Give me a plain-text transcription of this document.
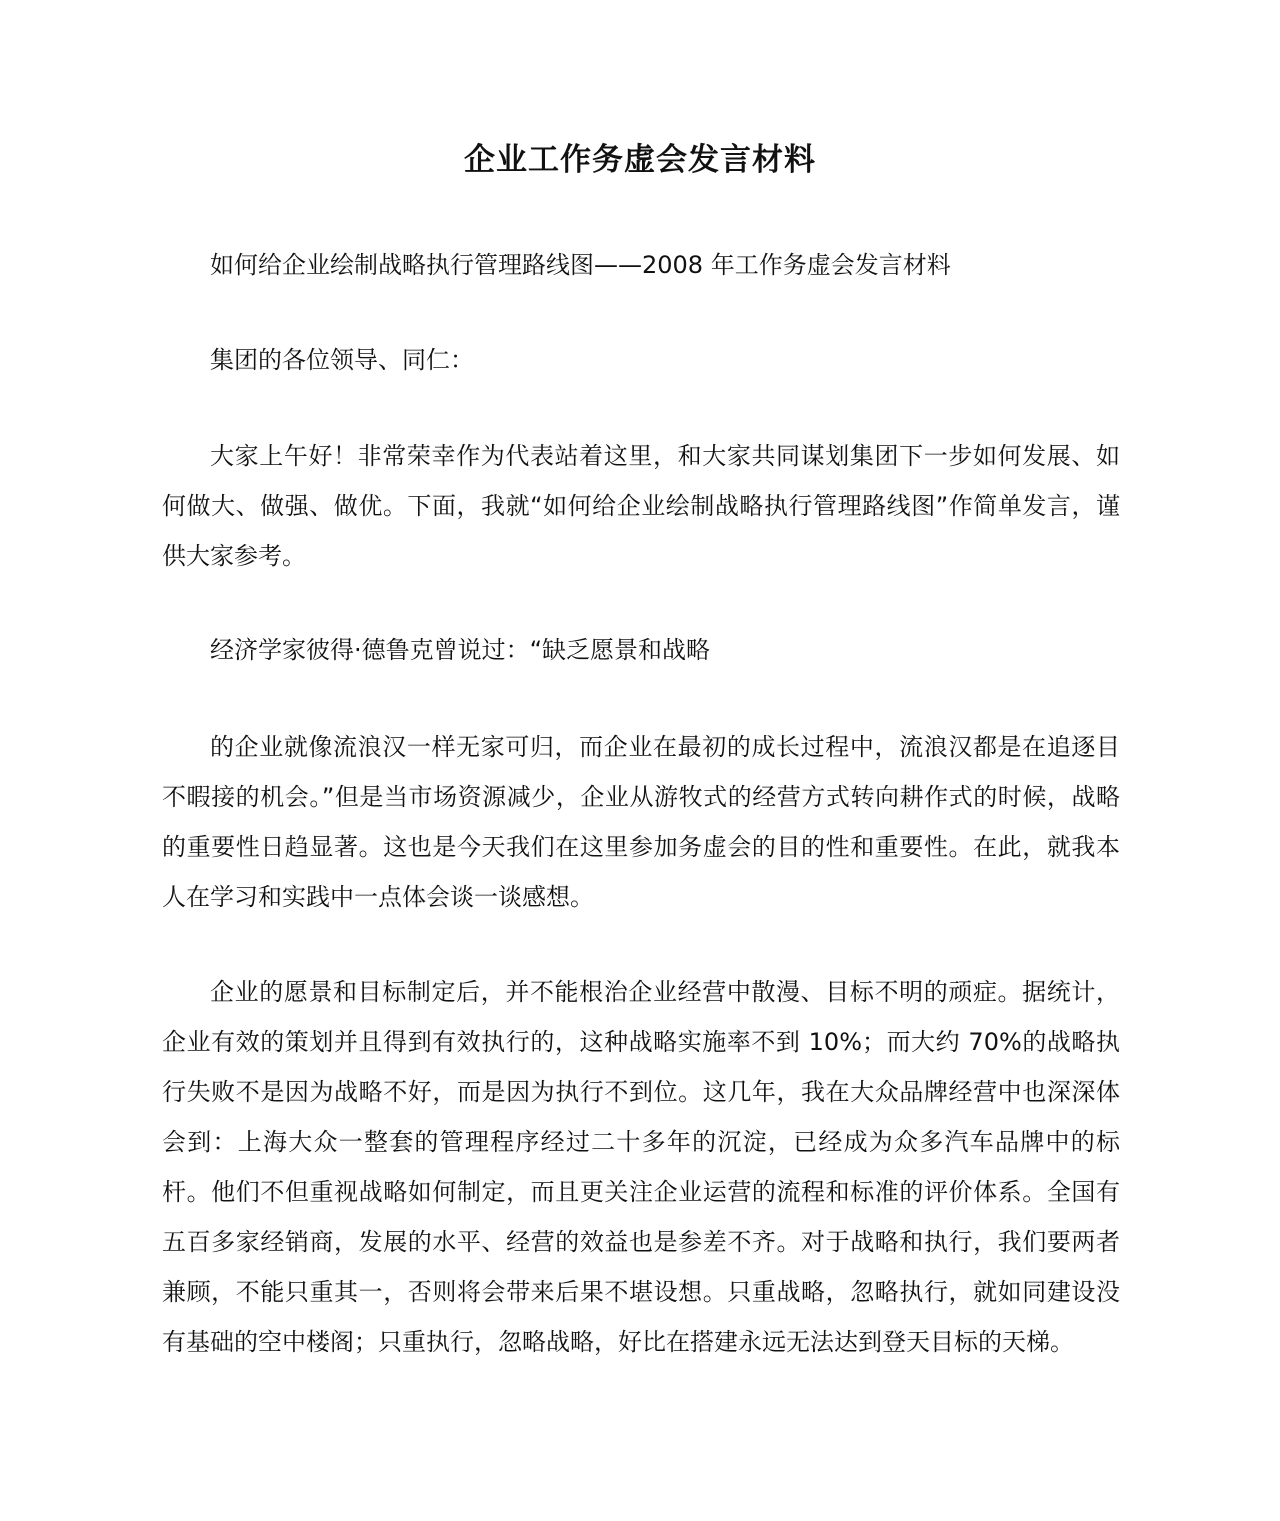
企业工作务虚会发言材料

如何给企业绘制战略执行管理路线图——2008 年工作务虚会发言材料

集团的各位领导、同仁：

大家上午好！非常荣幸作为代表站着这里，和大家共同谋划集团下一步如何发展、如何做大、做强、做优。下面，我就“如何给企业绘制战略执行管理路线图”作简单发言，谨供大家参考。

经济学家彼得·德鲁克曾说过：“缺乏愿景和战略

的企业就像流浪汉一样无家可归，而企业在最初的成长过程中，流浪汉都是在追逐目不暇接的机会。”但是当市场资源减少，企业从游牧式的经营方式转向耕作式的时候，战略的重要性日趋显著。这也是今天我们在这里参加务虚会的目的性和重要性。在此，就我本人在学习和实践中一点体会谈一谈感想。

企业的愿景和目标制定后，并不能根治企业经营中散漫、目标不明的顽症。据统计，企业有效的策划并且得到有效执行的，这种战略实施率不到 10%；而大约 70%的战略执行失败不是因为战略不好，而是因为执行不到位。这几年，我在大众品牌经营中也深深体会到：上海大众一整套的管理程序经过二十多年的沉淀，已经成为众多汽车品牌中的标杆。他们不但重视战略如何制定，而且更关注企业运营的流程和标准的评价体系。全国有五百多家经销商，发展的水平、经营的效益也是参差不齐。对于战略和执行，我们要两者兼顾，不能只重其一，否则将会带来后果不堪设想。只重战略，忽略执行，就如同建设没有基础的空中楼阁；只重执行，忽略战略，好比在搭建永远无法达到登天目标的天梯。
